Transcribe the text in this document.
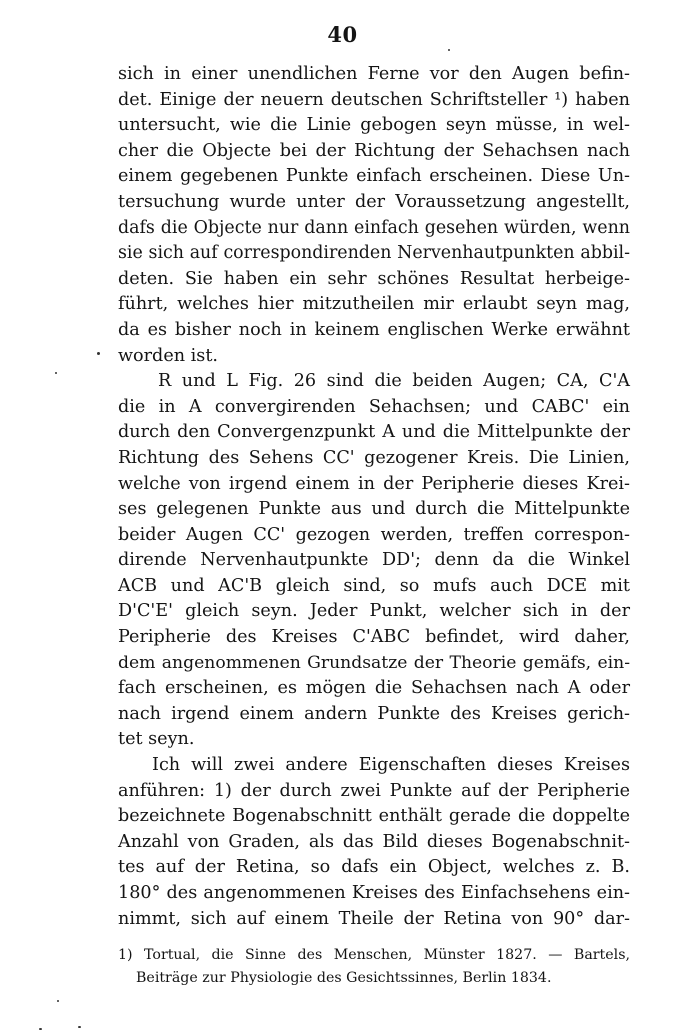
40
sich in einer unendlichen Ferne vor den Augen befin-
det. Einige der neuern deutschen Schriftsteller ¹) haben
untersucht, wie die Linie gebogen seyn müsse, in wel-
cher die Objecte bei der Richtung der Sehachsen nach
einem gegebenen Punkte einfach erscheinen. Diese Un-
tersuchung wurde unter der Voraussetzung angestellt,
dafs die Objecte nur dann einfach gesehen würden, wenn
sie sich auf correspondirenden Nervenhautpunkten abbil-
deten. Sie haben ein sehr schönes Resultat herbeige-
führt, welches hier mitzutheilen mir erlaubt seyn mag,
da es bisher noch in keinem englischen Werke erwähnt
worden ist.
R und L Fig. 26 sind die beiden Augen; CA, C'A
die in A convergirenden Sehachsen; und CABC' ein
durch den Convergenzpunkt A und die Mittelpunkte der
Richtung des Sehens CC' gezogener Kreis. Die Linien,
welche von irgend einem in der Peripherie dieses Krei-
ses gelegenen Punkte aus und durch die Mittelpunkte
beider Augen CC' gezogen werden, treffen correspon-
dirende Nervenhautpunkte DD'; denn da die Winkel
ACB und AC'B gleich sind, so mufs auch DCE mit
D'C'E' gleich seyn. Jeder Punkt, welcher sich in der
Peripherie des Kreises C'ABC befindet, wird daher,
dem angenommenen Grundsatze der Theorie gemäfs, ein-
fach erscheinen, es mögen die Sehachsen nach A oder
nach irgend einem andern Punkte des Kreises gerich-
tet seyn.
Ich will zwei andere Eigenschaften dieses Kreises
anführen: 1) der durch zwei Punkte auf der Peripherie
bezeichnete Bogenabschnitt enthält gerade die doppelte
Anzahl von Graden, als das Bild dieses Bogenabschnit-
tes auf der Retina, so dafs ein Object, welches z. B.
180° des angenommenen Kreises des Einfachsehens ein-
nimmt, sich auf einem Theile der Retina von 90° dar-
1) Tortual, die Sinne des Menschen, Münster 1827. — Bartels,
Beiträge zur Physiologie des Gesichtssinnes, Berlin 1834.
